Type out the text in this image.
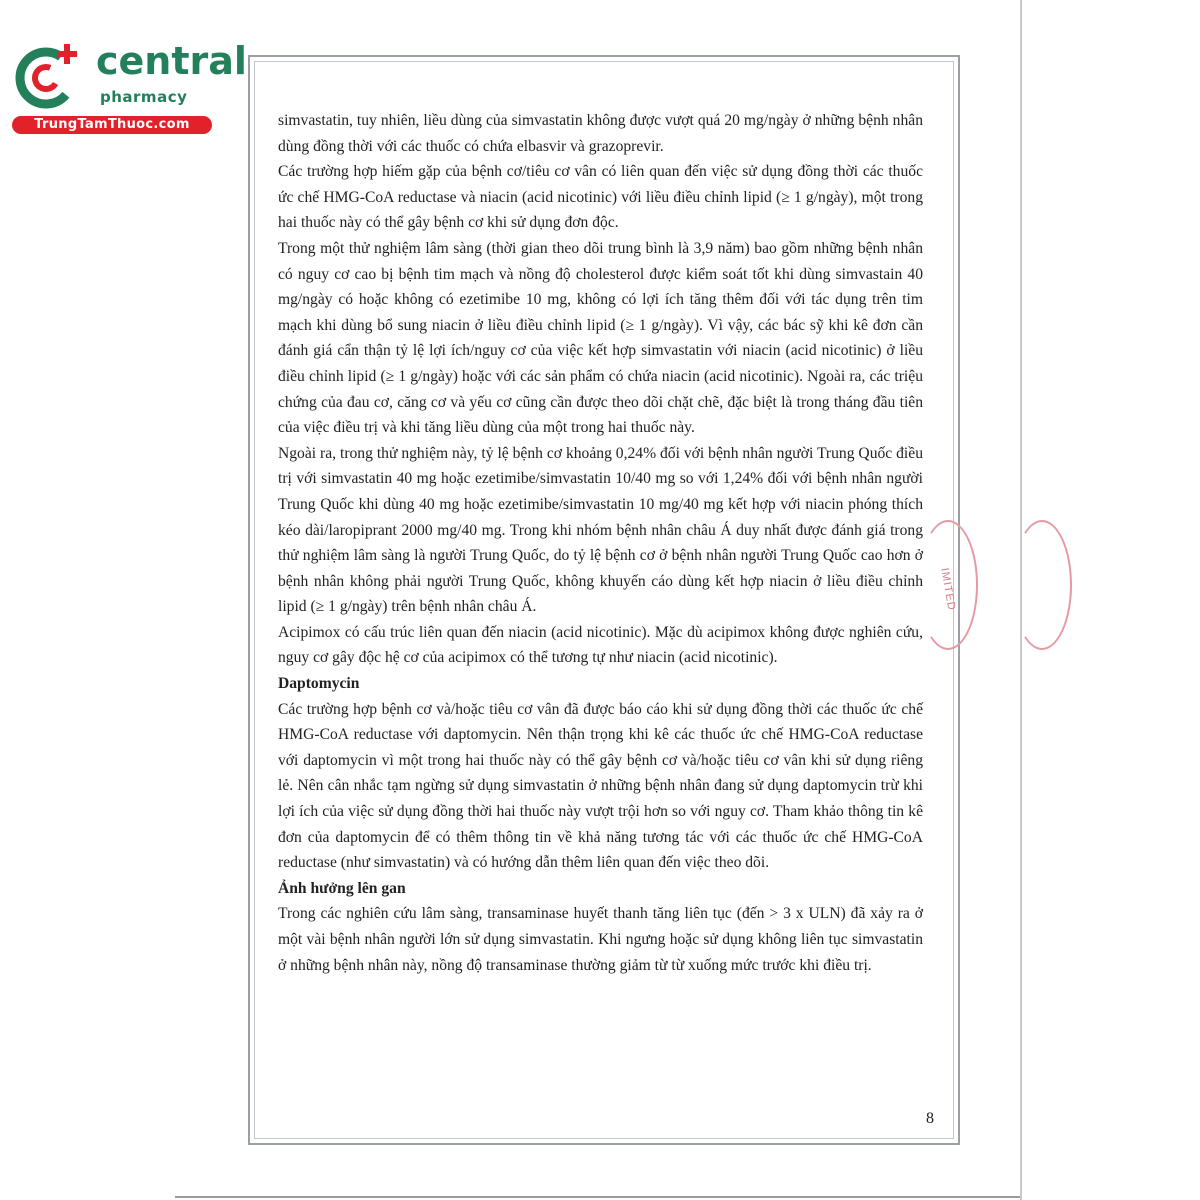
central
pharmacy
TrungTamThuoc.com
IMITED

simvastatin, tuy nhiên, liều dùng của simvastatin không được vượt quá 20 mg/ngày ở những bệnh nhân dùng đồng thời với các thuốc có chứa elbasvir và grazoprevir.

Các trường hợp hiếm gặp của bệnh cơ/tiêu cơ vân có liên quan đến việc sử dụng đồng thời các thuốc ức chế HMG-CoA reductase và niacin (acid nicotinic) với liều điều chỉnh lipid (≥ 1 g/ngày), một trong hai thuốc này có thể gây bệnh cơ khi sử dụng đơn độc.

Trong một thử nghiệm lâm sàng (thời gian theo dõi trung bình là 3,9 năm) bao gồm những bệnh nhân có nguy cơ cao bị bệnh tim mạch và nồng độ cholesterol được kiểm soát tốt khi dùng simvastain 40 mg/ngày có hoặc không có ezetimibe 10 mg, không có lợi ích tăng thêm đối với tác dụng trên tim mạch khi dùng bổ sung niacin ở liều điều chỉnh lipid (≥ 1 g/ngày). Vì vậy, các bác sỹ khi kê đơn cần đánh giá cẩn thận tỷ lệ lợi ích/nguy cơ của việc kết hợp simvastatin với niacin (acid nicotinic) ở liều điều chỉnh lipid (≥ 1 g/ngày) hoặc với các sản phẩm có chứa niacin (acid nicotinic). Ngoài ra, các triệu chứng của đau cơ, căng cơ và yếu cơ cũng cần được theo dõi chặt chẽ, đặc biệt là trong tháng đầu tiên của việc điều trị và khi tăng liều dùng của một trong hai thuốc này.

Ngoài ra, trong thử nghiệm này, tỷ lệ bệnh cơ khoảng 0,24% đối với bệnh nhân người Trung Quốc điều trị với simvastatin 40 mg hoặc ezetimibe/simvastatin 10/40 mg so với 1,24% đối với bệnh nhân người Trung Quốc khi dùng 40 mg hoặc ezetimibe/simvastatin 10 mg/40 mg kết hợp với niacin phóng thích kéo dài/laropiprant 2000 mg/40 mg. Trong khi nhóm bệnh nhân châu Á duy nhất được đánh giá trong thử nghiệm lâm sàng là người Trung Quốc, do tỷ lệ bệnh cơ ở bệnh nhân người Trung Quốc cao hơn ở bệnh nhân không phải người Trung Quốc, không khuyến cáo dùng kết hợp niacin ở liều điều chỉnh lipid (≥ 1 g/ngày) trên bệnh nhân châu Á.

Acipimox có cấu trúc liên quan đến niacin (acid nicotinic). Mặc dù acipimox không được nghiên cứu, nguy cơ gây độc hệ cơ của acipimox có thể tương tự như niacin (acid nicotinic).

Daptomycin

Các trường hợp bệnh cơ và/hoặc tiêu cơ vân đã được báo cáo khi sử dụng đồng thời các thuốc ức chế HMG-CoA reductase với daptomycin. Nên thận trọng khi kê các thuốc ức chế HMG-CoA reductase với daptomycin vì một trong hai thuốc này có thể gây bệnh cơ và/hoặc tiêu cơ vân khi sử dụng riêng lẻ. Nên cân nhắc tạm ngừng sử dụng simvastatin ở những bệnh nhân đang sử dụng daptomycin trừ khi lợi ích của việc sử dụng đồng thời hai thuốc này vượt trội hơn so với nguy cơ. Tham khảo thông tin kê đơn của daptomycin để có thêm thông tin về khả năng tương tác với các thuốc ức chế HMG-CoA reductase (như simvastatin) và có hướng dẫn thêm liên quan đến việc theo dõi.

Ảnh hưởng lên gan

Trong các nghiên cứu lâm sàng, transaminase huyết thanh tăng liên tục (đến > 3 x ULN) đã xảy ra ở một vài bệnh nhân người lớn sử dụng simvastatin. Khi ngưng hoặc sử dụng không liên tục simvastatin ở những bệnh nhân này, nồng độ transaminase thường giảm từ từ xuống mức trước khi điều trị.

8
